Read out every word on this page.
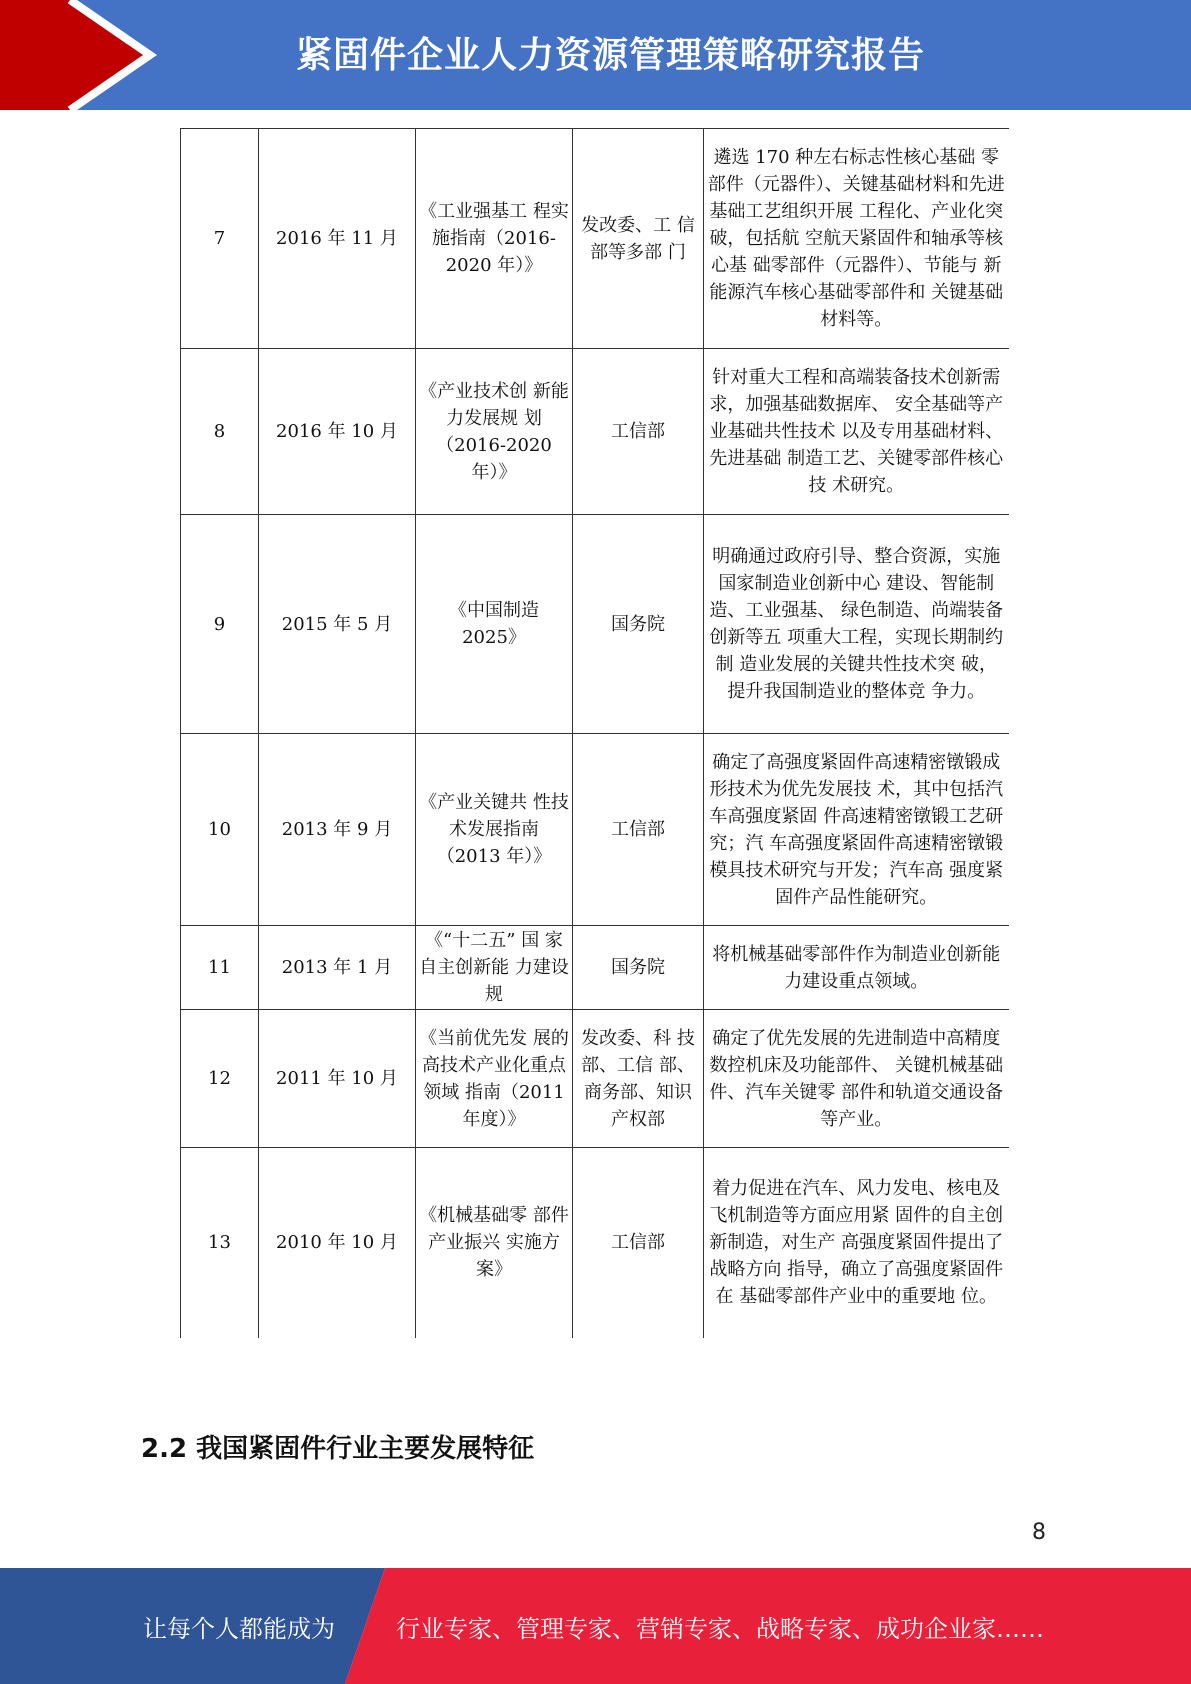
紧固件企业人力资源管理策略研究报告
7	2016 年 11 月	《工业强基工 程实施指南（2016-2020 年）》	发改委、工 信部等多部 门	遴选 170 种左右标志性核心基础 零部件（元器件）、关键基础材料和先进基础工艺组织开展 工程化、产业化突破，包括航 空航天紧固件和轴承等核心基 础零部件（元器件）、节能与 新能源汽车核心基础零部件和 关键基础材料等。
8	2016 年 10 月	《产业技术创 新能力发展规 划（2016-2020 年）》	工信部	针对重大工程和高端装备技术创新需求，加强基础数据库、 安全基础等产业基础共性技术 以及专用基础材料、先进基础 制造工艺、关键零部件核心技 术研究。
9	2015 年 5 月	《中国制造 2025》	国务院	明确通过政府引导、整合资源，实施国家制造业创新中心 建设、智能制造、工业强基、 绿色制造、尚端装备创新等五 项重大工程，实现长期制约制 造业发展的关键共性技术突 破，提升我国制造业的整体竞 争力。
10	2013 年 9 月	《产业关键共 性技术发展指南（2013 年）》	工信部	确定了高强度紧固件高速精密镦锻成形技术为优先发展技 术，其中包括汽车高强度紧固 件高速精密镦锻工艺研究；汽 车高强度紧固件高速精密镦锻 模具技术研究与开发；汽车高 强度紧固件产品性能研究。
11	2013 年 1 月	《“十二五” 国 家自主创新能 力建设规	国务院	将机械基础零部件作为制造业创新能力建设重点领域。
12	2011 年 10 月	《当前优先发 展的高技术产业化重点领域 指南（2011 年度）》	发改委、科 技部、工信 部、商务部、知识产权部	确定了优先发展的先进制造中高精度数控机床及功能部件、 关键机械基础件、汽车关键零 部件和轨道交通设备等产业。
13	2010 年 10 月	《机械基础零 部件产业振兴 实施方案》	工信部	着力促进在汽车、风力发电、核电及飞机制造等方面应用紧 固件的自主创新制造，对生产 高强度紧固件提出了战略方向 指导，确立了高强度紧固件在 基础零部件产业中的重要地 位。
2.2 我国紧固件行业主要发展特征
8
让每个人都能成为	行业专家、管理专家、营销专家、战略专家、成功企业家……
